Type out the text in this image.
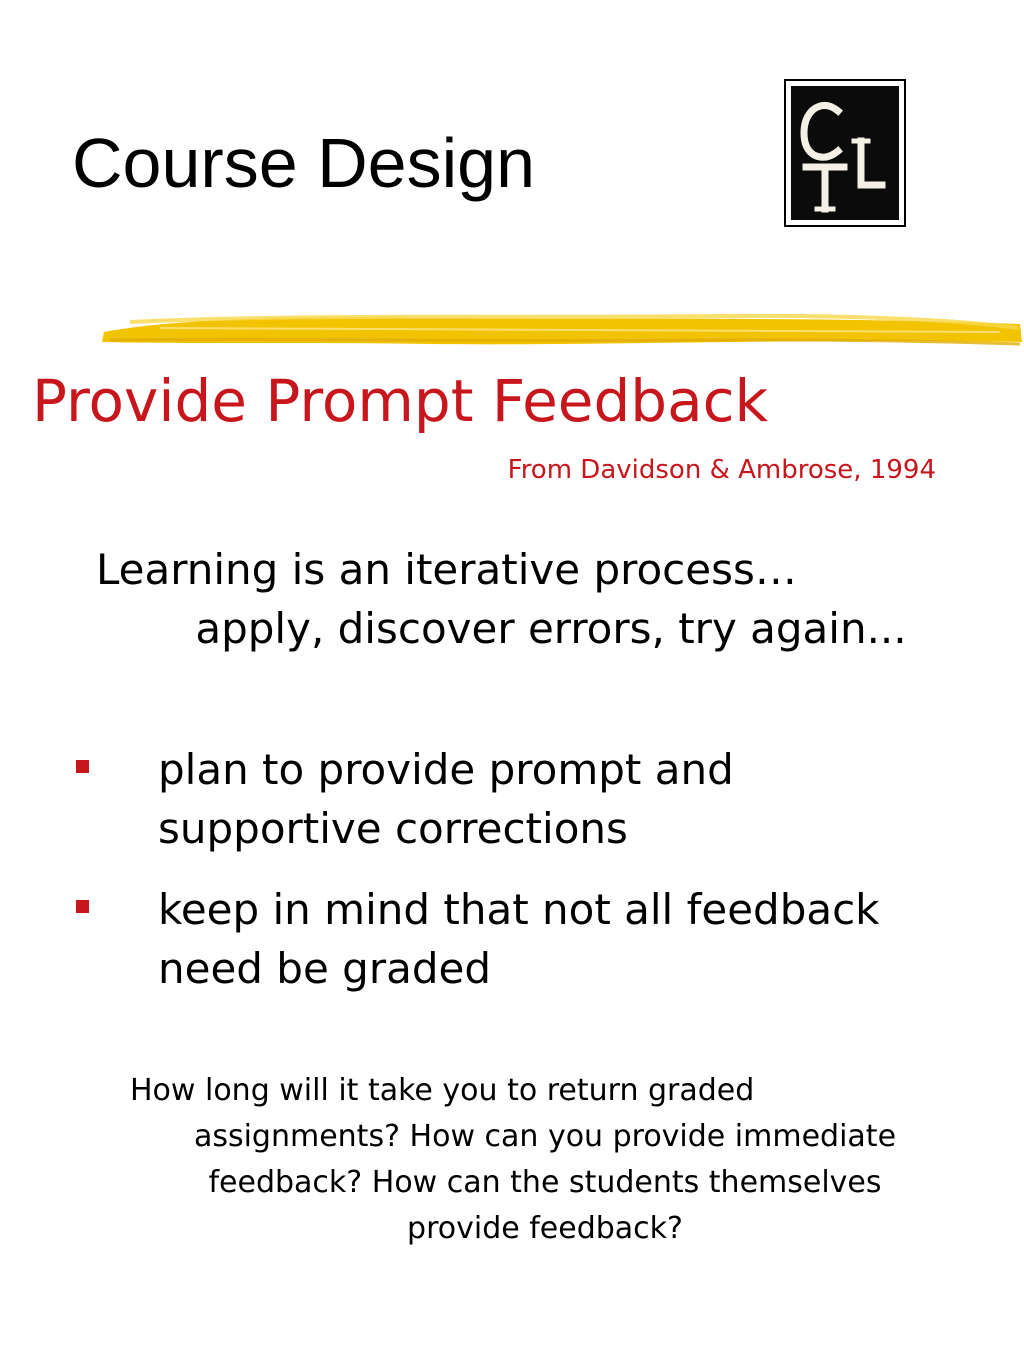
Course Design
Provide Prompt Feedback
From Davidson & Ambrose, 1994
Learning is an iterative process…
apply, discover errors, try again...
plan to provide prompt and supportive corrections
keep in mind that not all feedback need be graded
How long will it take you to return graded
assignments? How can you provide immediate feedback? How can the students themselves provide feedback?
